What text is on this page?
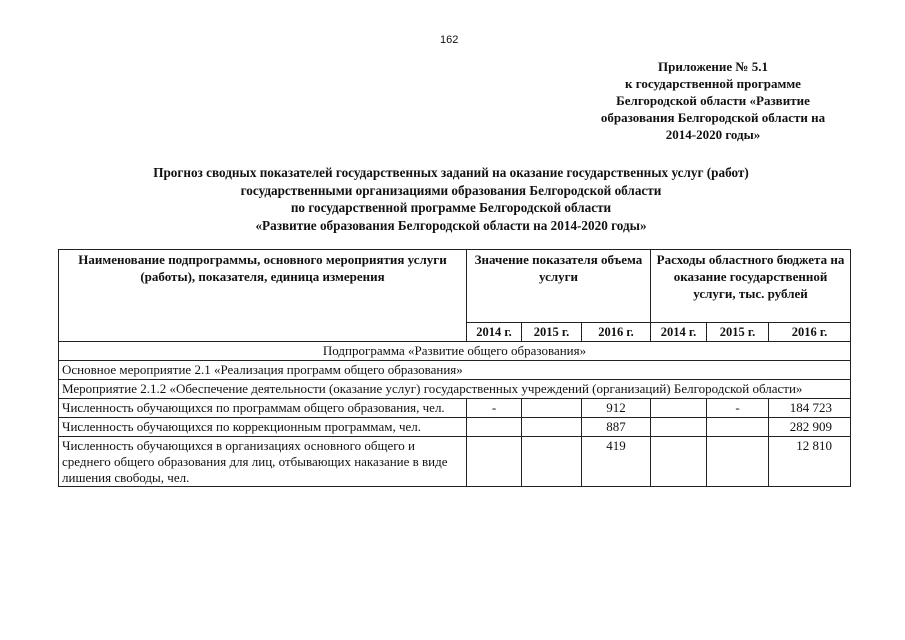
162
Приложение № 5.1
к государственной программе
Белгородской области «Развитие
образования Белгородской области на
2014-2020 годы»
Прогноз сводных показателей государственных заданий на оказание государственных услуг (работ)
государственными организациями образования Белгородской области
по государственной программе Белгородской области
«Развитие образования Белгородской области на 2014-2020 годы»
Наименование подпрограммы, основного мероприятия услуги (работы), показателя, единица измерения	Значение показателя объема услуги			Расходы областного бюджета на оказание государственной услуги, тыс. рублей		
	2014 г.	2015 г.	2016 г.	2014 г.	2015 г.	2016 г.
Подпрограмма «Развитие общего образования»						
Основное мероприятие 2.1 «Реализация программ общего образования»						
Мероприятие 2.1.2 «Обеспечение деятельности (оказание услуг) государственных учреждений (организаций) Белгородской области»						
Численность обучающихся по программам общего образования, чел.	-		912		-	184 723
Численность обучающихся по коррекционным программам, чел.			887			282 909
Численность обучающихся в организациях основного общего и среднего общего образования для лиц, отбывающих наказание в виде лишения свободы, чел.			419			12 810
